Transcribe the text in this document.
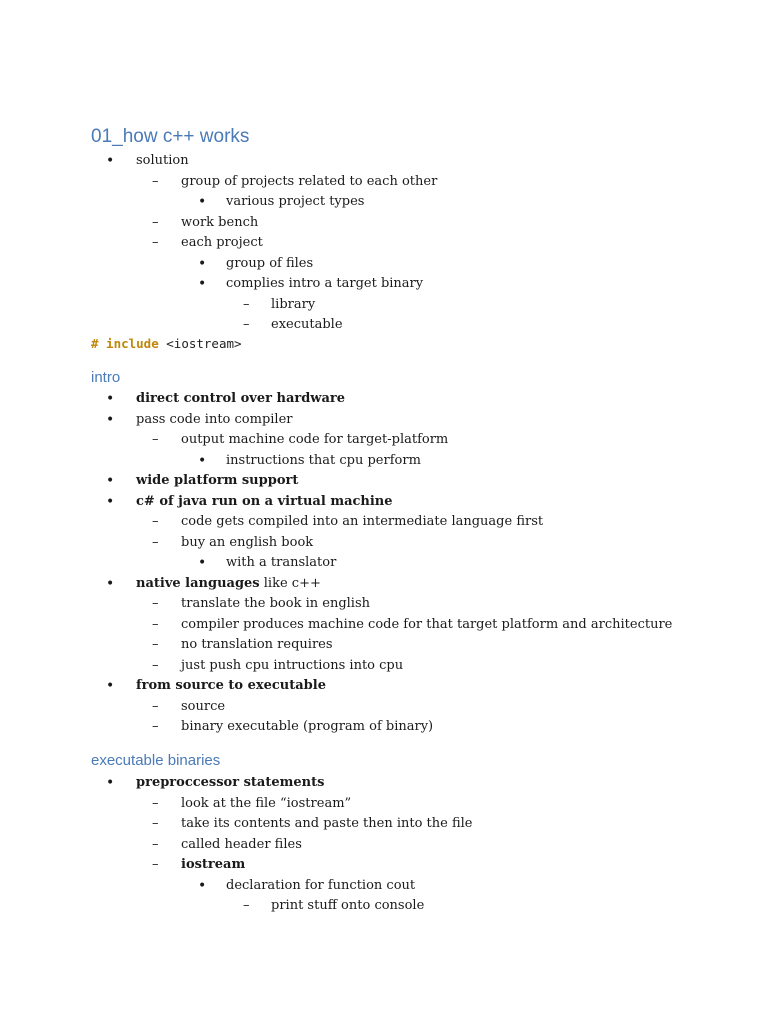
01_how c++ works
• solution
– group of projects related to each other
• various project types
– work bench
– each project
• group of files
• complies intro a target binary
– library
– executable
# include <iostream>
intro
• direct control over hardware
• pass code into compiler
– output machine code for target-platform
• instructions that cpu perform
• wide platform support
• c# of java run on a virtual machine
– code gets compiled into an intermediate language first
– buy an english book
• with a translator
• native languages like c++
– translate the book in english
– compiler produces machine code for that target platform and architecture
– no translation requires
– just push cpu intructions into cpu
• from source to executable
– source
– binary executable (program of binary)
executable binaries
• preproccessor statements
– look at the file “iostream”
– take its contents and paste then into the file
– called header files
– iostream
• declaration for function cout
– print stuff onto console
